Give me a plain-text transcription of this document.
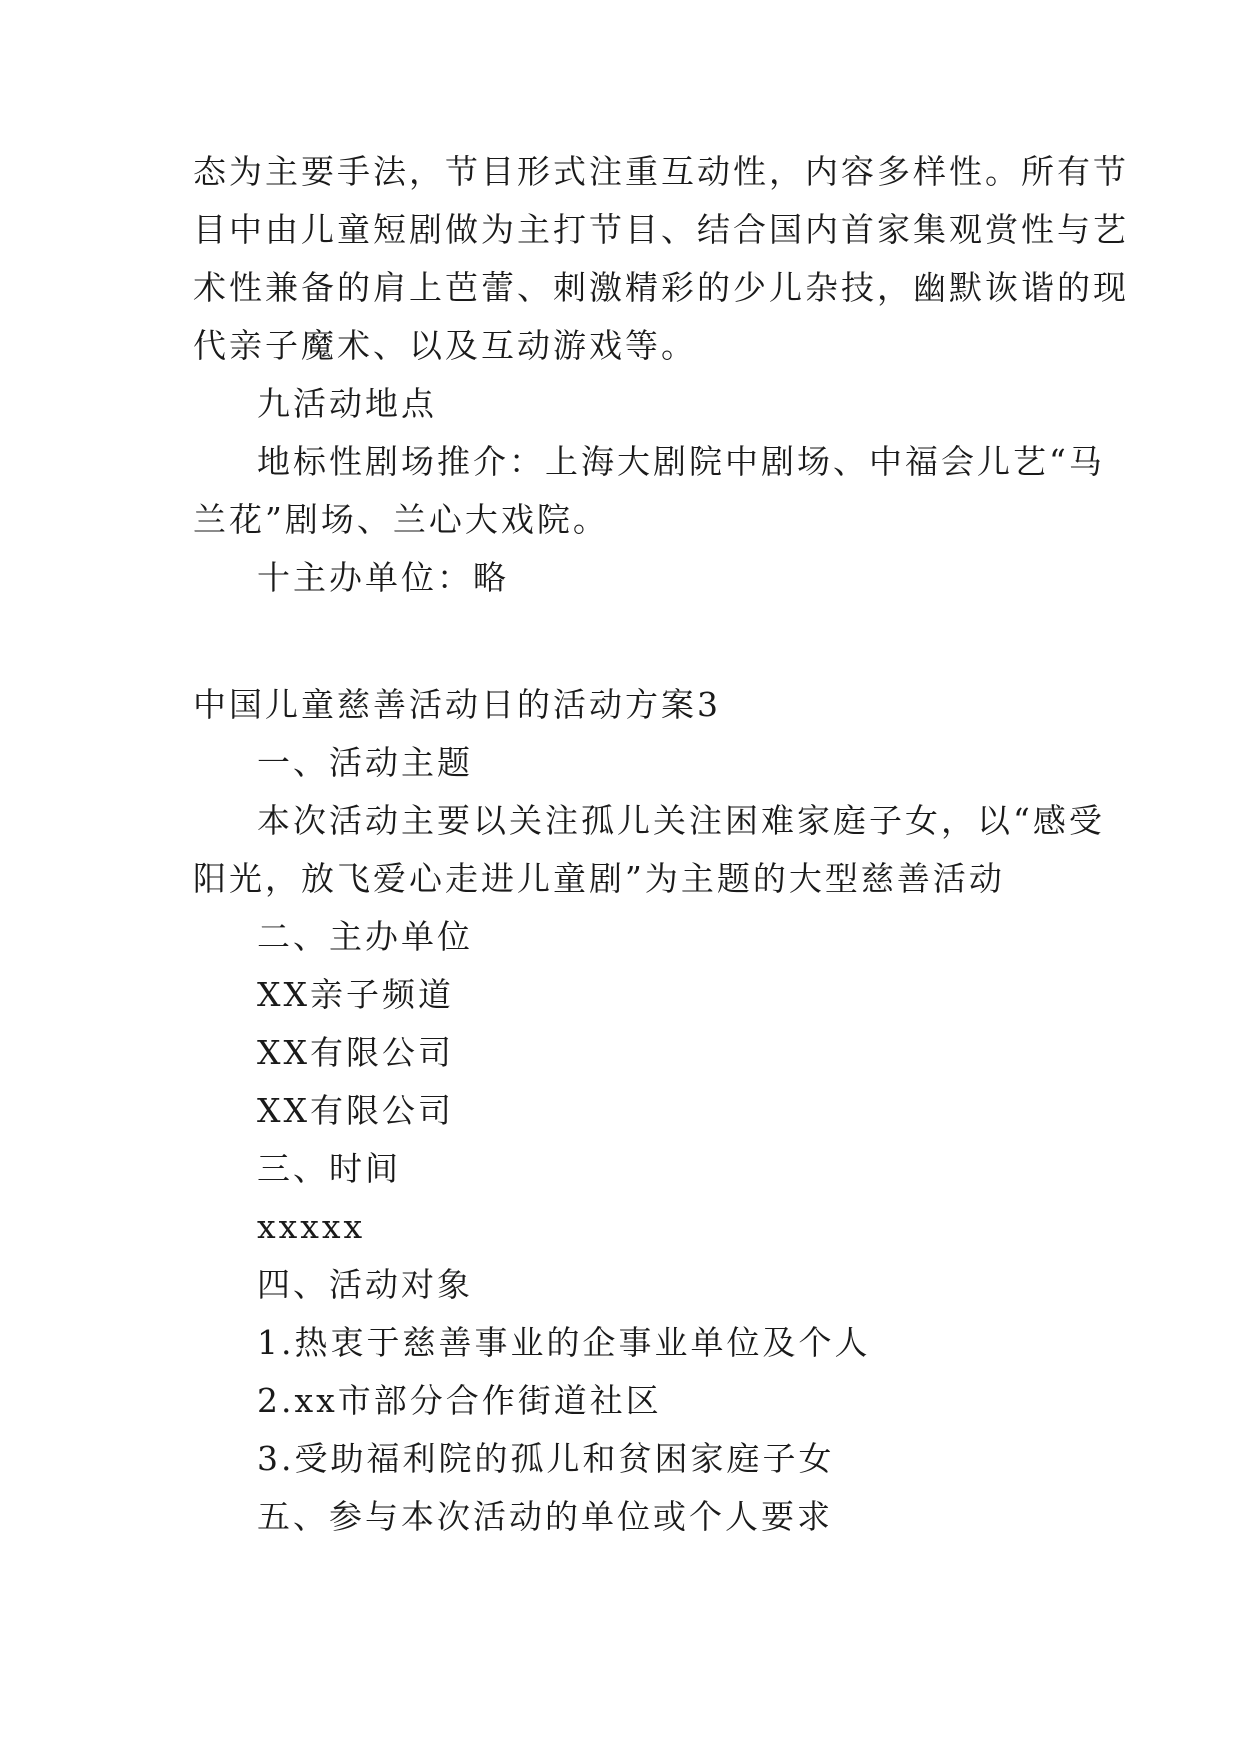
态为主要手法，节目形式注重互动性，内容多样性。所有节
目中由儿童短剧做为主打节目、结合国内首家集观赏性与艺
术性兼备的肩上芭蕾、刺激精彩的少儿杂技，幽默诙谐的现
代亲子魔术、以及互动游戏等。
九活动地点
地标性剧场推介：上海大剧院中剧场、中福会儿艺“马
兰花”剧场、兰心大戏院。
十主办单位：略
中国儿童慈善活动日的活动方案3
一、活动主题
本次活动主要以关注孤儿关注困难家庭子女，以“感受
阳光，放飞爱心走进儿童剧”为主题的大型慈善活动
二、主办单位
XX亲子频道
XX有限公司
XX有限公司
三、时间
xxxxx
四、活动对象
1.热衷于慈善事业的企事业单位及个人
2.xx市部分合作街道社区
3.受助福利院的孤儿和贫困家庭子女
五、参与本次活动的单位或个人要求
